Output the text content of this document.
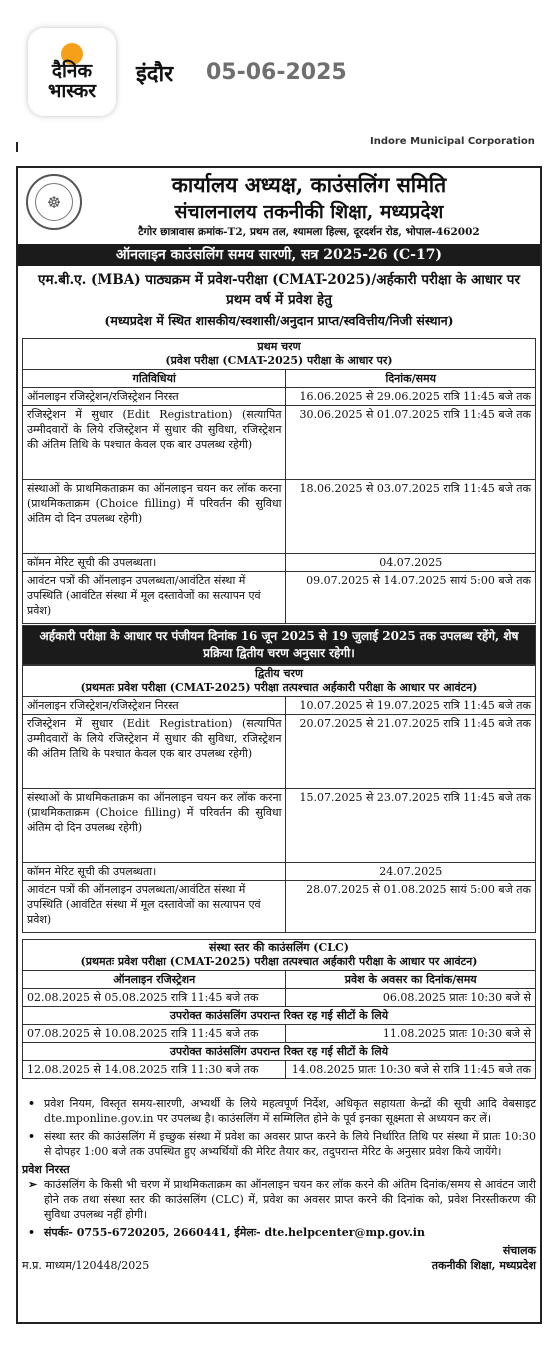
दैनिक
भास्कर
इंदौर 05-06-2025
Indore Municipal Corporation
☸
कार्यालय अध्यक्ष, काउंसलिंग समिति
संचालनालय तकनीकी शिक्षा, मध्यप्रदेश
टैगोर छात्रावास क्रमांक-T2, प्रथम तल, श्यामला हिल्स, दूरदर्शन रोड, भोपाल-462002
ऑनलाइन काउंसलिंग समय सारणी, सत्र 2025-26 (C-17)
एम.बी.ए. (MBA) पाठ्यक्रम में प्रवेश-परीक्षा (CMAT-2025)/अर्हकारी परीक्षा के आधार पर प्रथम वर्ष में प्रवेश हेतु
(मध्यप्रदेश में स्थित शासकीय/स्वशासी/अनुदान प्राप्त/स्ववित्तीय/निजी संस्थान)
प्रथम चरण
(प्रवेश परीक्षा (CMAT-2025) परीक्षा के आधार पर)	

गतिविधियां	दिनांक/समय
ऑनलाइन रजिस्ट्रेशन/रजिस्ट्रेशन निरस्त	16.06.2025 से 29.06.2025 रात्रि 11:45 बजे तक
रजिस्ट्रेशन में सुधार (Edit Registration) (सत्यापित उम्मीदवारों के लिये रजिस्ट्रेशन में सुधार की सुविधा, रजिस्ट्रेशन की अंतिम तिथि के पश्चात केवल एक बार उपलब्ध रहेगी)	30.06.2025 से 01.07.2025 रात्रि 11:45 बजे तक
संस्थाओं के प्राथमिकताक्रम का ऑनलाइन चयन कर लॉक करना (प्राथमिकताक्रम (Choice filling) में परिवर्तन की सुविधा अंतिम दो दिन उपलब्ध रहेगी)	18.06.2025 से 03.07.2025 रात्रि 11:45 बजे तक
कॉमन मेरिट सूची की उपलब्धता।	04.07.2025
आवंटन पत्रों की ऑनलाइन उपलब्धता/आवंटित संस्था में उपस्थिति (आवंटित संस्था में मूल दस्तावेजों का सत्यापन एवं प्रवेश)	09.07.2025 से 14.07.2025 सायं 5:00 बजे तक
अर्हकारी परीक्षा के आधार पर पंजीयन दिनांक 16 जून 2025 से 19 जुलाई 2025 तक उपलब्ध रहेंगे, शेष प्रक्रिया द्वितीय चरण अनुसार रहेगी।
द्वितीय चरण
(प्रथमतः प्रवेश परीक्षा (CMAT-2025) परीक्षा तत्पश्चात अर्हकारी परीक्षा के आधार पर आवंटन)	

ऑनलाइन रजिस्ट्रेशन/रजिस्ट्रेशन निरस्त	10.07.2025 से 19.07.2025 रात्रि 11:45 बजे तक
रजिस्ट्रेशन में सुधार (Edit Registration) (सत्यापित उम्मीदवारों के लिये रजिस्ट्रेशन में सुधार की सुविधा, रजिस्ट्रेशन की अंतिम तिथि के पश्चात केवल एक बार उपलब्ध रहेगी)	20.07.2025 से 21.07.2025 रात्रि 11:45 बजे तक
संस्थाओं के प्राथमिकताक्रम का ऑनलाइन चयन कर लॉक करना (प्राथमिकताक्रम (Choice filling) में परिवर्तन की सुविधा अंतिम दो दिन उपलब्ध रहेगी)	15.07.2025 से 23.07.2025 रात्रि 11:45 बजे तक
कॉमन मेरिट सूची की उपलब्धता।	24.07.2025
आवंटन पत्रों की ऑनलाइन उपलब्धता/आवंटित संस्था में उपस्थिति (आवंटित संस्था में मूल दस्तावेजों का सत्यापन एवं प्रवेश)	28.07.2025 से 01.08.2025 सायं 5:00 बजे तक
संस्था स्तर की काउंसलिंग (CLC)
(प्रथमतः प्रवेश परीक्षा (CMAT-2025) परीक्षा तत्पश्चात अर्हकारी परीक्षा के आधार पर आवंटन)	

ऑनलाइन रजिस्ट्रेशन	प्रवेश के अवसर का दिनांक/समय
02.08.2025 से 05.08.2025 रात्रि 11:45 बजे तक	06.08.2025 प्रातः 10:30 बजे से
उपरोक्त काउंसलिंग उपरान्त रिक्त रह गई सीटों के लिये	
07.08.2025 से 10.08.2025 रात्रि 11:45 बजे तक	11.08.2025 प्रातः 10:30 बजे से
उपरोक्त काउंसलिंग उपरान्त रिक्त रह गई सीटों के लिये	
12.08.2025 से 14.08.2025 रात्रि 11:30 बजे तक	14.08.2025 प्रातः 10:30 बजे से रात्रि 11:45 बजे तक
• प्रवेश नियम, विस्तृत समय-सारणी, अभ्यर्थी के लिये महत्वपूर्ण निर्देश, अधिकृत सहायता केन्द्रों की सूची आदि वेबसाइट dte.mponline.gov.in पर उपलब्ध है। काउंसलिंग में सम्मिलित होने के पूर्व इनका सूक्ष्मता से अध्ययन कर लें।
• संस्था स्तर की काउंसलिंग में इच्छुक संस्था में प्रवेश का अवसर प्राप्त करने के लिये निर्धारित तिथि पर संस्था में प्रातः 10:30 से दोपहर 1:00 बजे तक उपस्थित हुए अभ्यर्थियों की मेरिट तैयार कर, तदुपरान्त मेरिट के अनुसार प्रवेश किये जायेंगे।
प्रवेश निरस्त
➢ काउंसलिंग के किसी भी चरण में प्राथमिकताक्रम का ऑनलाइन चयन कर लॉक करने की अंतिम दिनांक/समय से आवंटन जारी होने तक तथा संस्था स्तर की काउंसलिंग (CLC) में, प्रवेश का अवसर प्राप्त करने की दिनांक को, प्रवेश निरस्तीकरण की सुविधा उपलब्ध नहीं होगी।
• संपर्कः- 0755-6720205, 2660441, ईमेलः- dte.helpcenter@mp.gov.in
संचालक
म.प्र. माध्यम/120448/2025	तकनीकी शिक्षा, मध्यप्रदेश
